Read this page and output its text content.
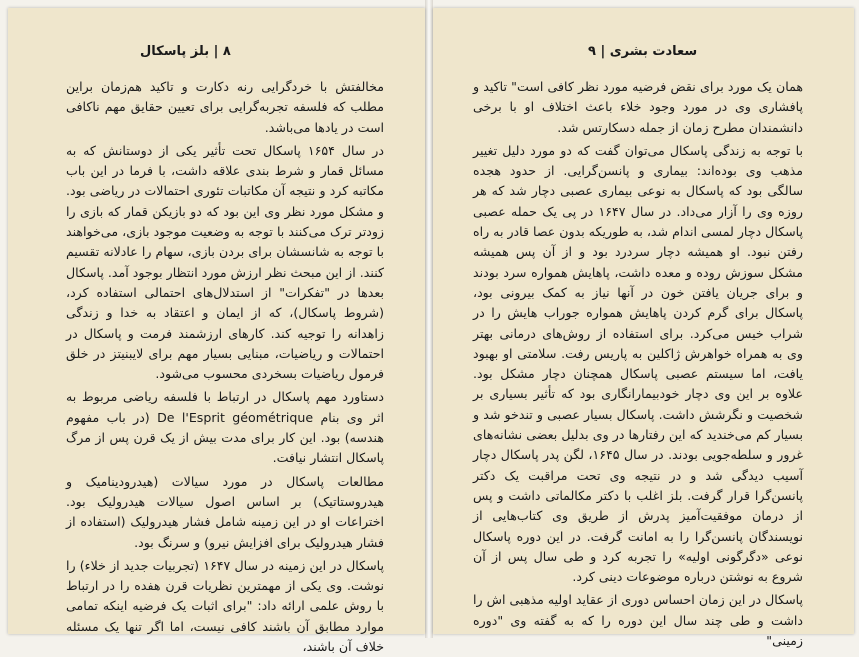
۸ | بلز پاسکال

مخالفتش با خردگرایی رنه دکارت و تاکید هم‌زمان براین مطلب که فلسفه تجربه‌گرایی برای تعیین حقایق مهم ناکافی است در یادها می‌باشد.

در سال ۱۶۵۴ پاسکال تحت تأثیر یکی از دوستانش که به مسائل قمار و شرط بندی علاقه داشت، با فرما در این باب مکاتبه کرد و نتیجه آن مکاتبات تئوری احتمالات در ریاضی بود. و مشکل مورد نظر وی این بود که دو بازیکن قمار که بازی را زودتر ترک می‌کنند با توجه به وضعیت موجود بازی، می‌خواهند با توجه به شانسشان برای بردن بازی، سهام را عادلانه تقسیم کنند. از این مبحث نظر ارزش مورد انتظار بوجود آمد. پاسکال بعدها در "تفکرات" از استدلال‌های احتمالی استفاده کرد، (شروط پاسکال)، که از ایمان و اعتقاد به خدا و زندگی زاهدانه را توجیه کند. کارهای ارزشمند فرمت و پاسکال در احتمالات و ریاضیات، مبنایی بسیار مهم برای لایبنیتز در خلق فرمول ریاضیات بسخردی محسوب می‌شود.

دستاورد مهم پاسکال در ارتباط با فلسفه ریاضی مربوط به اثر وی بنام De l'Esprit géométrique (در باب مفهوم هندسه) بود. این کار برای مدت بیش از یک قرن پس از مرگ پاسکال انتشار نیافت.

مطالعات پاسکال در مورد سیالات (هیدرودینامیک و هیدروستاتیک) بر اساس اصول سیالات هیدرولیک بود. اختراعات او در این زمینه شامل فشار هیدرولیک (استفاده از فشار هیدرولیک برای افزایش نیرو) و سرنگ بود.

پاسکال در این زمینه در سال ۱۶۴۷ (تجربیات جدید از خلاء) را نوشت. وی یکی از مهمترین نظریات قرن هفده را در ارتباط با روش علمی ارائه داد: "برای اثبات یک فرضیه اینکه تمامی موارد مطابق آن باشند کافی نیست، اما اگر تنها یک مسئله خلاف آن باشند،

سعادت بشری | ۹

همان یک مورد برای نقض فرضیه مورد نظر کافی است" تاکید و پافشاری وی در مورد وجود خلاء باعث اختلاف او با برخی دانشمندان مطرح زمان از جمله دسکارتس شد.

با توجه به زندگی پاسکال می‌توان گفت که دو مورد دلیل تغییر مذهب وی بوده‌اند: بیماری و پانسن‌گرایی. از حدود هجده سالگی بود که پاسکال به نوعی بیماری عصبی دچار شد که هر روزه وی را آزار می‌داد. در سال ۱۶۴۷ در پی یک حمله عصبی پاسکال دچار لمسی اندام شد، به طوریکه بدون عصا قادر به راه رفتن نبود. او همیشه دچار سردرد بود و از آن پس همیشه مشکل سوزش روده و معده داشت، پاهایش همواره سرد بودند و برای جریان یافتن خون در آنها نیاز به کمک بیرونی بود، پاسکال برای گرم کردن پاهایش همواره جوراب هایش را در شراب خیس می‌کرد. برای استفاده از روش‌های درمانی بهتر وی به همراه خواهرش ژاکلین به پاریس رفت. سلامتی او بهبود یافت، اما سیستم عصبی پاسکال همچنان دچار مشکل بود. علاوه بر این وی دچار خودبیمارانگاری بود که تأثیر بسیاری بر شخصیت و نگرشش داشت. پاسکال بسیار عصبی و تندخو شد و بسیار کم می‌خندید که این رفتارها در وی بدلیل بعضی نشانه‌های غرور و سلطه‌جویی بودند. در سال ۱۶۴۵، لگن پدر پاسکال دچار آسیب دیدگی شد و در نتیجه وی تحت مراقبت یک دکتر پانسن‌گرا قرار گرفت. بلز اغلب با دکتر مکالماتی داشت و پس از درمان موفقیت‌آمیز پدرش از طریق وی کتاب‌هایی از نویسندگان پانسن‌گرا را به امانت گرفت. در این دوره پاسکال نوعی «دگرگونی اولیه» را تجربه کرد و طی سال پس از آن شروع به نوشتن درباره موضوعات دینی کرد.

پاسکال در این زمان احساس دوری از عقاید اولیه مذهبی اش را داشت و طی چند سال این دوره را که به گفته وی "دوره زمینی"
